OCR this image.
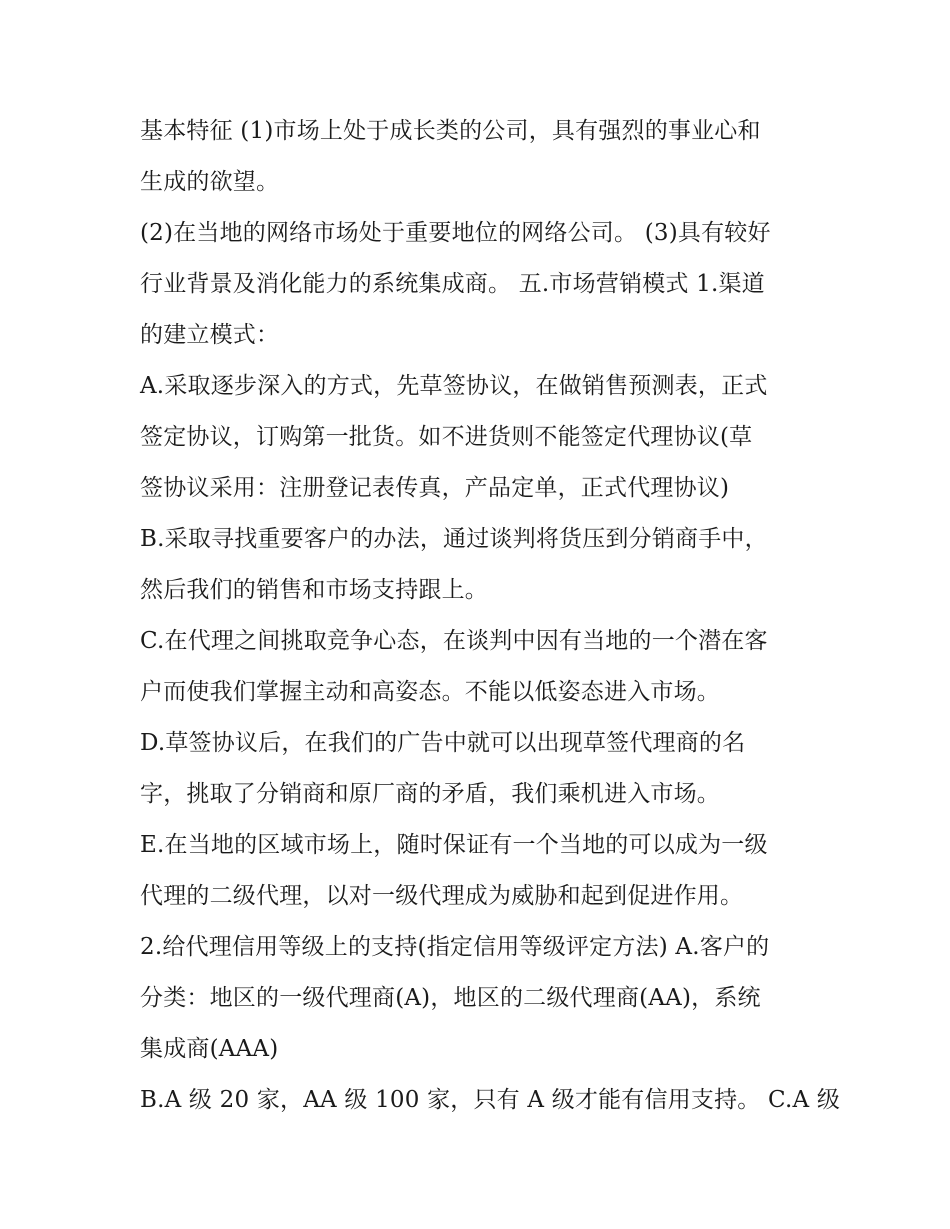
基本特征 (1)市场上处于成长类的公司，具有强烈的事业心和
生成的欲望。
(2)在当地的网络市场处于重要地位的网络公司。 (3)具有较好
行业背景及消化能力的系统集成商。 五.市场营销模式 1.渠道
的建立模式：
A.采取逐步深入的方式，先草签协议，在做销售预测表，正式
签定协议，订购第一批货。如不进货则不能签定代理协议(草
签协议采用：注册登记表传真，产品定单，正式代理协议)
B.采取寻找重要客户的办法，通过谈判将货压到分销商手中，
然后我们的销售和市场支持跟上。
C.在代理之间挑取竞争心态，在谈判中因有当地的一个潜在客
户而使我们掌握主动和高姿态。不能以低姿态进入市场。
D.草签协议后，在我们的广告中就可以出现草签代理商的名
字，挑取了分销商和原厂商的矛盾，我们乘机进入市场。
E.在当地的区域市场上，随时保证有一个当地的可以成为一级
代理的二级代理，以对一级代理成为威胁和起到促进作用。
2.给代理信用等级上的支持(指定信用等级评定方法) A.客户的
分类：地区的一级代理商(A)，地区的二级代理商(AA)，系统
集成商(AAA)
B.A 级 20 家，AA 级 100 家，只有 A 级才能有信用支持。 C.A 级
